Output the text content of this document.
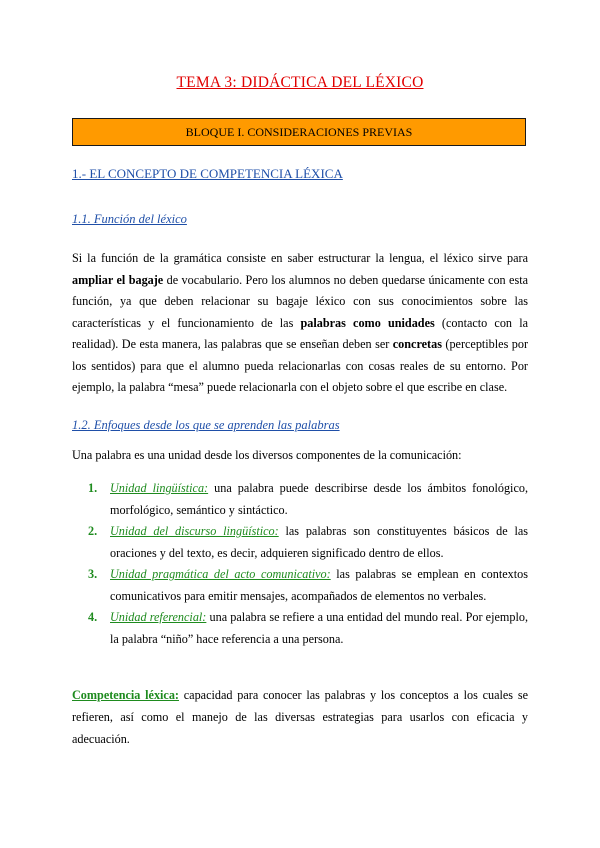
TEMA 3: DIDÁCTICA DEL LÉXICO
BLOQUE I. CONSIDERACIONES PREVIAS
1.- EL CONCEPTO DE COMPETENCIA LÉXICA
1.1. Función del léxico
Si la función de la gramática consiste en saber estructurar la lengua, el léxico sirve para ampliar el bagaje de vocabulario. Pero los alumnos no deben quedarse únicamente con esta función, ya que deben relacionar su bagaje léxico con sus conocimientos sobre las características y el funcionamiento de las palabras como unidades (contacto con la realidad). De esta manera, las palabras que se enseñan deben ser concretas (perceptibles por los sentidos) para que el alumno pueda relacionarlas con cosas reales de su entorno. Por ejemplo, la palabra “mesa” puede relacionarla con el objeto sobre el que escribe en clase.
1.2. Enfoques desde los que se aprenden las palabras
Una palabra es una unidad desde los diversos componentes de la comunicación:
1. Unidad lingüística: una palabra puede describirse desde los ámbitos fonológico, morfológico, semántico y sintáctico.
2. Unidad del discurso lingüístico: las palabras son constituyentes básicos de las oraciones y del texto, es decir, adquieren significado dentro de ellos.
3. Unidad pragmática del acto comunicativo: las palabras se emplean en contextos comunicativos para emitir mensajes, acompañados de elementos no verbales.
4. Unidad referencial: una palabra se refiere a una entidad del mundo real. Por ejemplo, la palabra “niño” hace referencia a una persona.
Competencia léxica: capacidad para conocer las palabras y los conceptos a los cuales se refieren, así como el manejo de las diversas estrategias para usarlos con eficacia y adecuación.
